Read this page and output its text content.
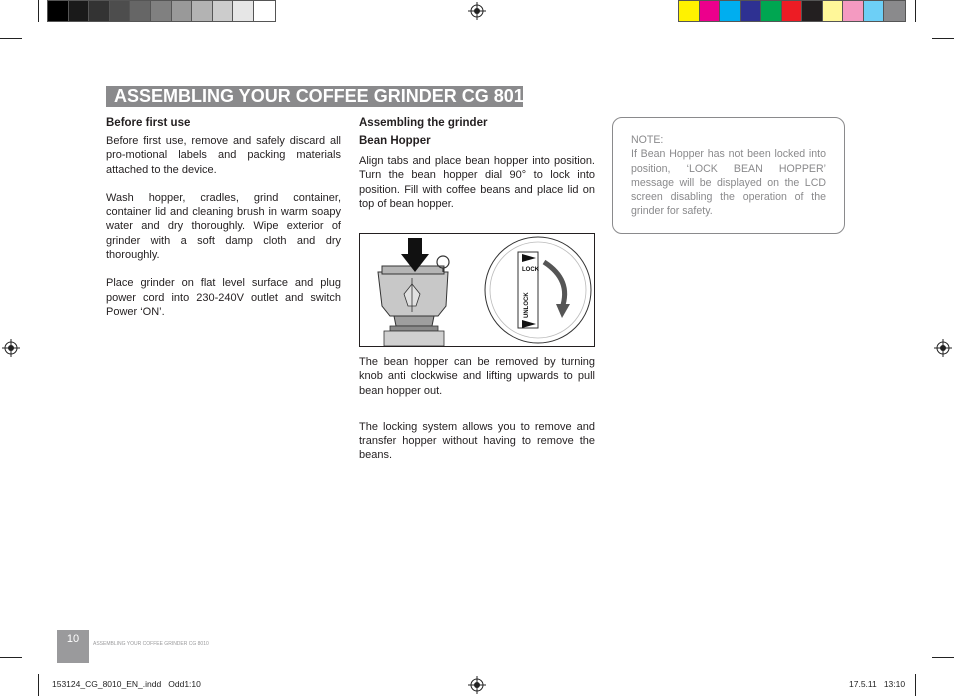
ASSEMBLING YOUR COFFEE GRINDER CG 8010
Before first use

Before first use, remove and safely discard all pro-motional labels and packing materials attached to the device.

Wash hopper, cradles, grind container, container lid and cleaning brush in warm soapy water and dry thoroughly. Wipe exterior of grinder with a soft damp cloth and dry thoroughly.

Place grinder on flat level surface and plug power cord into 230-240V outlet and switch Power ‘ON’.

Assembling the grinder
Bean Hopper

Align tabs and place bean hopper into position. Turn the bean hopper dial 90° to lock into position. Fill with coffee beans and place lid on top of bean hopper.

LOCK
UNLOCK

The bean hopper can be removed by turning knob anti clockwise and lifting upwards to pull bean hopper out.

The locking system allows you to remove and transfer hopper without having to remove the beans.

NOTE:
If Bean Hopper has not been locked into position, ‘LOCK BEAN HOPPER’ message will be displayed on the LCD screen disabling the operation of the grinder for safety.
10	ASSEMBLING YOUR COFFEE GRINDER CG 8010
153124_CG_8010_EN_.indd   Odd1:10	17.5.11   13:10
